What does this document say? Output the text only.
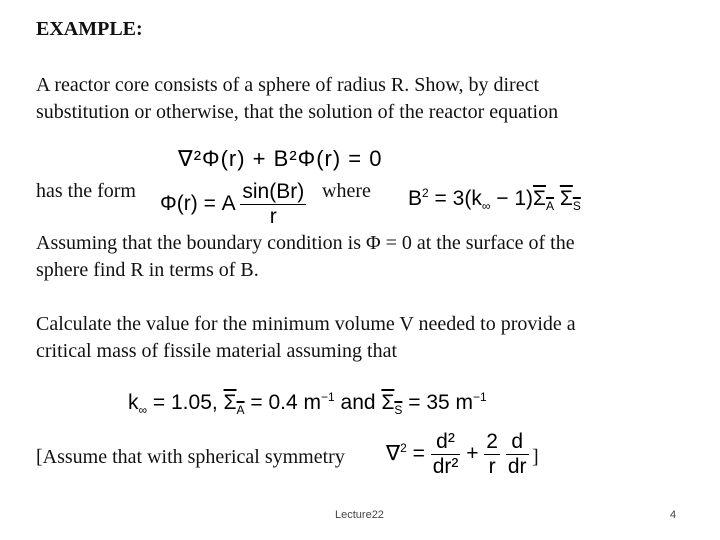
EXAMPLE:
A reactor core consists of a sphere of radius R. Show, by direct
substitution or otherwise, that the solution of the reactor equation
∇²Φ(r) + B²Φ(r) = 0
has the form
Φ(r) = A $\frac{\sin(Br)}{r}$ where $B^2 = 3(k_\infty - 1)\Sigma_A$ $\Sigma_S$
Assuming that the boundary condition is Φ = 0 at the surface of the
sphere find R in terms of B.
Calculate the value for the minimum volume V needed to provide a
critical mass of fissile material assuming that
$k_\infty = 1.05$, $\Sigma_A = 0.4$ $m^{-1}$ and $\Sigma_S = 35$ $m^{-1}$
[Assume that with spherical symmetry $\nabla^2 = \frac{\text{d²}}{\text{dr²}} + \frac{2}{r}$
$\frac{d}{dr}$ ]
Lecture22	4
